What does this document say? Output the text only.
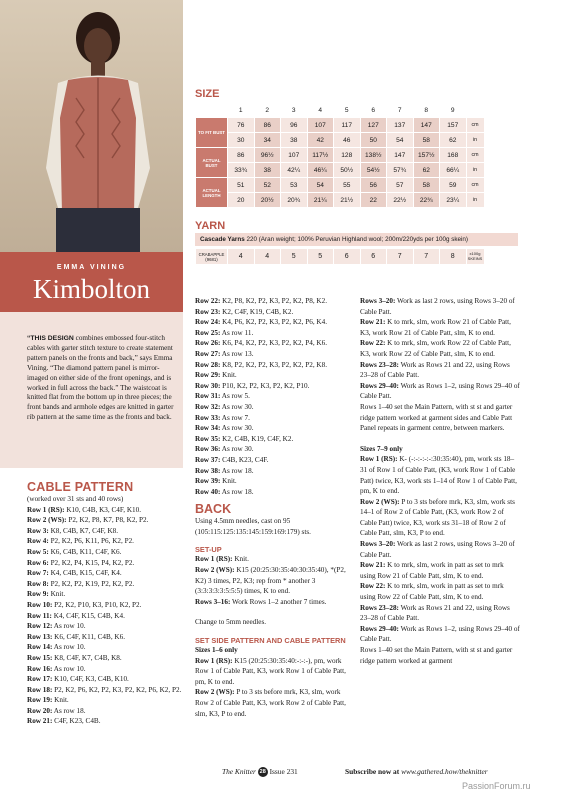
EMMA VINING
Kimbolton

“THIS DESIGN combines embossed four-stitch cables with garter stitch texture to create statement pattern panels on the fronts and back,” says Emma Vining. “The diamond pattern panel is mirror-imaged on either side of the front openings, and is worked in full across the back.” The waistcoat is knitted flat from the bottom up in three pieces; the front bands and armhole edges are knitted in garter rib pattern at the same time as the fronts and back.

CABLE PATTERN
(worked over 31 sts and 40 rows)
Row 1 (RS): K10, C4B, K3, C4F, K10.
Row 2 (WS): P2, K2, P8, K7, P8, K2, P2.
Row 3: K8, C4B, K7, C4F, K8.
Row 4: P2, K2, P6, K11, P6, K2, P2.
Row 5: K6, C4B, K11, C4F, K6.
Row 6: P2, K2, P4, K15, P4, K2, P2.
Row 7: K4, C4B, K15, C4F, K4.
Row 8: P2, K2, P2, K19, P2, K2, P2.
Row 9: Knit.
Row 10: P2, K2, P10, K3, P10, K2, P2.
Row 11: K4, C4F, K15, C4B, K4.
Row 12: As row 10.
Row 13: K6, C4F, K11, C4B, K6.
Row 14: As row 10.
Row 15: K8, C4F, K7, C4B, K8.
Row 16: As row 10.
Row 17: K10, C4F, K3, C4B, K10.
Row 18: P2, K2, P6, K2, P2, K3, P2, K2, P6, K2, P2.
Row 19: Knit.
Row 20: As row 18.
Row 21: C4F, K23, C4B.
SIZE
	1	2	3	4	5	6	7	8	9	
TO FIT BUST	76	86	96	107	117	127	137	147	157	cm
	30	34	38	42	46	50	54	58	62	in
ACTUAL BUST	86	96½	107	117½	128	138½	147	157½	168	cm
	33¾	38	42¼	46¼	50½	54½	57¾	62	66¼	in
ACTUAL LENGTH	51	52	53	54	55	56	57	58	59	cm
	20	20½	20¾	21¼	21½	22	22½	22¾	23¼	in
YARN
Cascade Yarns 220 (Aran weight; 100% Peruvian Highland wool; 200m/220yds per 100g skein)
CRABAPPLE (9681)	4	4	5	5	6	6	7	7	8	x100g SKEINS
Row 22: K2, P8, K2, P2, K3, P2, K2, P8, K2.
Row 23: K2, C4F, K19, C4B, K2.
Row 24: K4, P6, K2, P2, K3, P2, K2, P6, K4.
Row 25: As row 11.
Row 26: K6, P4, K2, P2, K3, P2, K2, P4, K6.
Row 27: As row 13.
Row 28: K8, P2, K2, P2, K3, P2, K2, P2, K8.
Row 29: Knit.
Row 30: P10, K2, P2, K3, P2, K2, P10.
Row 31: As row 5.
Row 32: As row 30.
Row 33: As row 7.
Row 34: As row 30.
Row 35: K2, C4B, K19, C4F, K2.
Row 36: As row 30.
Row 37: C4B, K23, C4F.
Row 38: As row 18.
Row 39: Knit.
Row 40: As row 18.
BACK
Using 4.5mm needles, cast on 95 (105:115:125:135:145:159:169:179) sts.
SET-UP
Row 1 (RS): Knit.
Row 2 (WS): K15 (20:25:30:35:40:30:35:40), *(P2, K2) 3 times, P2, K3; rep from * another 3 (3:3:3:3:3:5:5:5) times, K to end.
Rows 3–16: Work Rows 1–2 another 7 times.
Change to 5mm needles.
SET SIDE PATTERN AND CABLE PATTERN
Sizes 1–6 only
Row 1 (RS): K15 (20:25:30:35:40:-:-:-), pm, work Row 1 of Cable Patt, K3, work Row 1 of Cable Patt, pm, K to end.
Row 2 (WS): P to 3 sts before mrk, K3, slm, work Row 2 of Cable Patt, K3, work Row 2 of Cable Patt, slm, K3, P to end.
Rows 3–20: Work as last 2 rows, using Rows 3–20 of Cable Patt.
Row 21: K to mrk, slm, work Row 21 of Cable Patt, K3, work Row 21 of Cable Patt, slm, K to end.
Row 22: K to mrk, slm, work Row 22 of Cable Patt, K3, work Row 22 of Cable Patt, slm, K to end.
Rows 23–28: Work as Rows 21 and 22, using Rows 23–28 of Cable Patt.
Rows 29–40: Work as Rows 1–2, using Rows 29–40 of Cable Patt.
Rows 1–40 set the Main Pattern, with st st and garter ridge pattern worked at garment sides and Cable Patt Panel repeats in garment centre, between markers.
Sizes 7–9 only
Row 1 (RS): K- (-:-:-:-:-:30:35:40), pm, work sts 18–31 of Row 1 of Cable Patt, (K3, work Row 1 of Cable Patt) twice, K3, work sts 1–14 of Row 1 of Cable Patt, pm, K to end.
Row 2 (WS): P to 3 sts before mrk, K3, slm, work sts 14–1 of Row 2 of Cable Patt, (K3, work Row 2 of Cable Patt) twice, K3, work sts 31–18 of Row 2 of Cable Patt, slm, K3, P to end.
Rows 3–20: Work as last 2 rows, using Rows 3–20 of Cable Patt.
Row 21: K to mrk, slm, work in patt as set to mrk using Row 21 of Cable Patt, slm, K to end.
Row 22: K to mrk, slm, work in patt as set to mrk using Row 22 of Cable Patt, slm, K to end.
Rows 23–28: Work as Rows 21 and 22, using Rows 23–28 of Cable Patt.
Rows 29–40: Work as Rows 1–2, using Rows 29–40 of Cable Patt.
Rows 1–40 set the Main Pattern, with st st and garter ridge pattern worked at garment
The Knitter 28 Issue 231	Subscribe now at www.gathered.how/theknitter
PassionForum.ru
